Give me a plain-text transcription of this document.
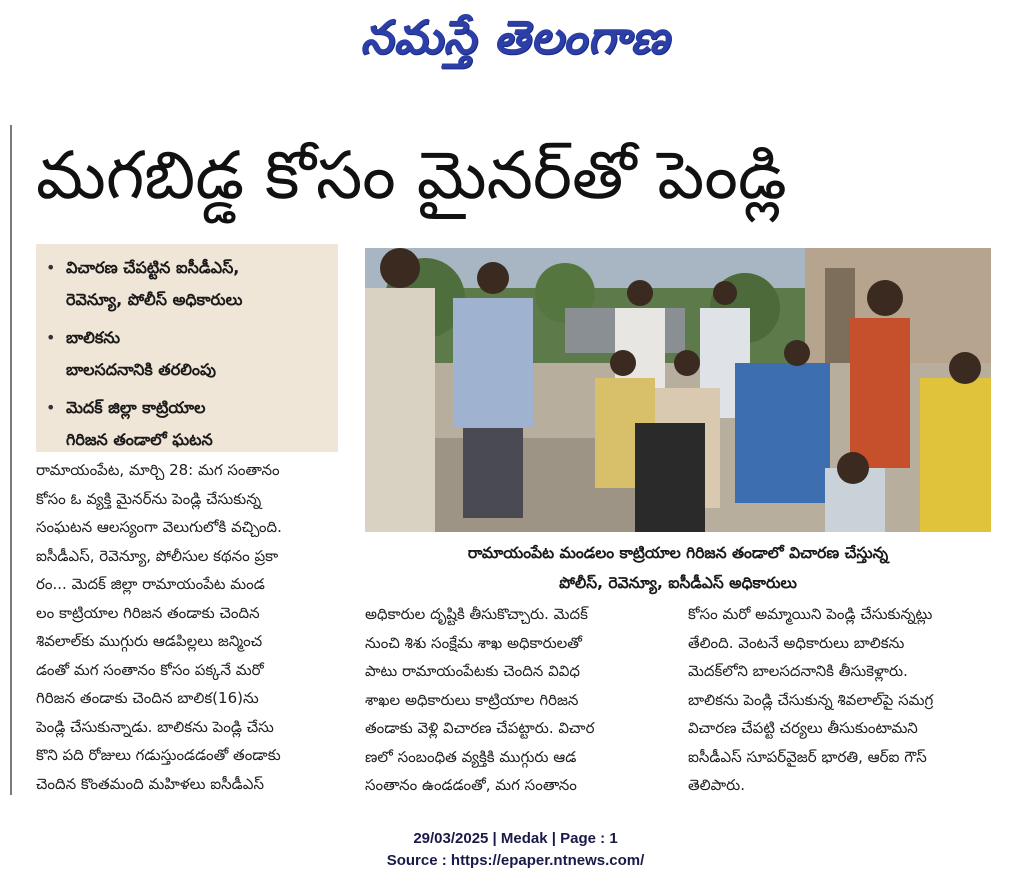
నమస్తే తెలంగాణ
మగబిడ్డ కోసం మైనర్‌తో పెండ్లి
• విచారణ చేపట్టిన ఐసీడీఎస్,
రెవెన్యూ, పోలీస్ అధికారులు
• బాలికను
బాలసదనానికి తరలింపు
• మెదక్ జిల్లా కాట్రియాల
గిరిజన తండాలో ఘటన
రామాయంపేట మండలం కాట్రియాల గిరిజన తండాలో విచారణ చేస్తున్న
పోలీస్, రెవెన్యూ, ఐసీడీఎస్ అధికారులు
రామాయంపేట, మార్చి 28: మగ సంతానం
కోసం ఓ వ్యక్తి మైనర్‌ను పెండ్లి చేసుకున్న
సంఘటన ఆలస్యంగా వెలుగులోకి వచ్చింది.
ఐసీడీఎస్, రెవెన్యూ, పోలీసుల కథనం ప్రకా
రం... మెదక్ జిల్లా రామాయంపేట మండ
లం కాట్రియాల గిరిజన తండాకు చెందిన
శివలాల్‌కు ముగ్గురు ఆడపిల్లలు జన్మించ
డంతో మగ సంతానం కోసం పక్కనే మరో
గిరిజన తండాకు చెందిన బాలిక(16)ను
పెండ్లి చేసుకున్నాడు. బాలికను పెండ్లి చేసు
కొని పది రోజులు గడుస్తుండడంతో తండాకు
చెందిన కొంతమంది మహిళలు ఐసీడీఎస్
అధికారుల దృష్టికి తీసుకొచ్చారు. మెదక్
నుంచి శిశు సంక్షేమ శాఖ అధికారులతో
పాటు రామాయంపేటకు చెందిన వివిధ
శాఖల అధికారులు కాట్రియాల గిరిజన
తండాకు వెళ్లి విచారణ చేపట్టారు. విచార
ణలో సంబంధిత వ్యక్తికి ముగ్గురు ఆడ
సంతానం ఉండడంతో, మగ సంతానం
కోసం మరో అమ్మాయిని పెండ్లి చేసుకున్నట్లు
తేలింది. వెంటనే అధికారులు బాలికను
మెదక్‌లోని బాలసదనానికి తీసుకెళ్లారు.
బాలికను పెండ్లి చేసుకున్న శివలాల్‌పై సమగ్ర
విచారణ చేపట్టి చర్యలు తీసుకుంటామని
ఐసీడీఎస్ సూపర్‌వైజర్ భారతి, ఆర్ఐ గౌస్
తెలిపారు.
29/03/2025 | Medak | Page : 1
Source : https://epaper.ntnews.com/
